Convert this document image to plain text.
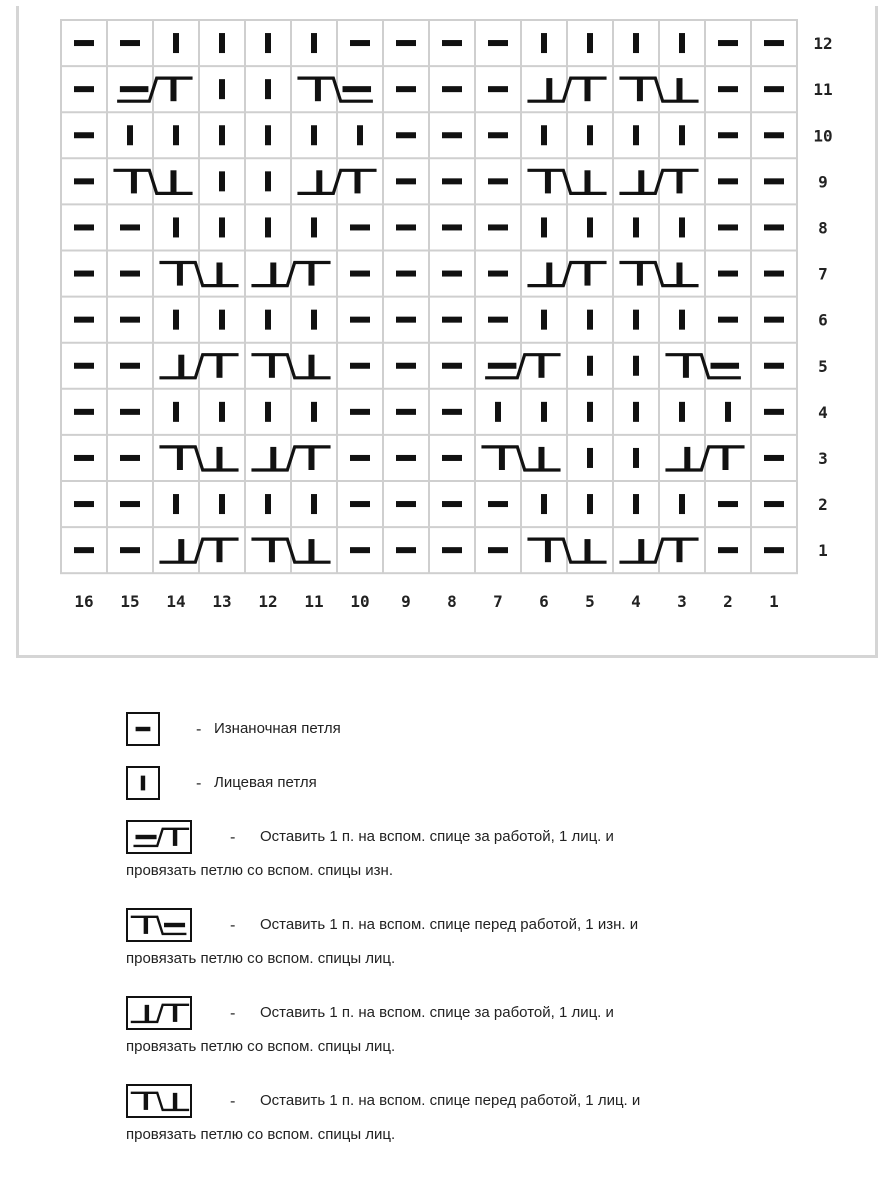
12
11
10
9
8
7
6
5
4
3
2
1
16 15 14 13 12 11 10 9 8 7 6 5 4 3 2 1
- Изнаночная петля
- Лицевая петля
- Оставить 1 п. на вспом. спице за работой, 1 лиц. и
провязать петлю со вспом. спицы изн.
- Оставить 1 п. на вспом. спице перед работой, 1 изн. и
провязать петлю со вспом. спицы лиц.
- Оставить 1 п. на вспом. спице за работой, 1 лиц. и
провязать петлю со вспом. спицы лиц.
- Оставить 1 п. на вспом. спице перед работой, 1 лиц. и
провязать петлю со вспом. спицы лиц.
